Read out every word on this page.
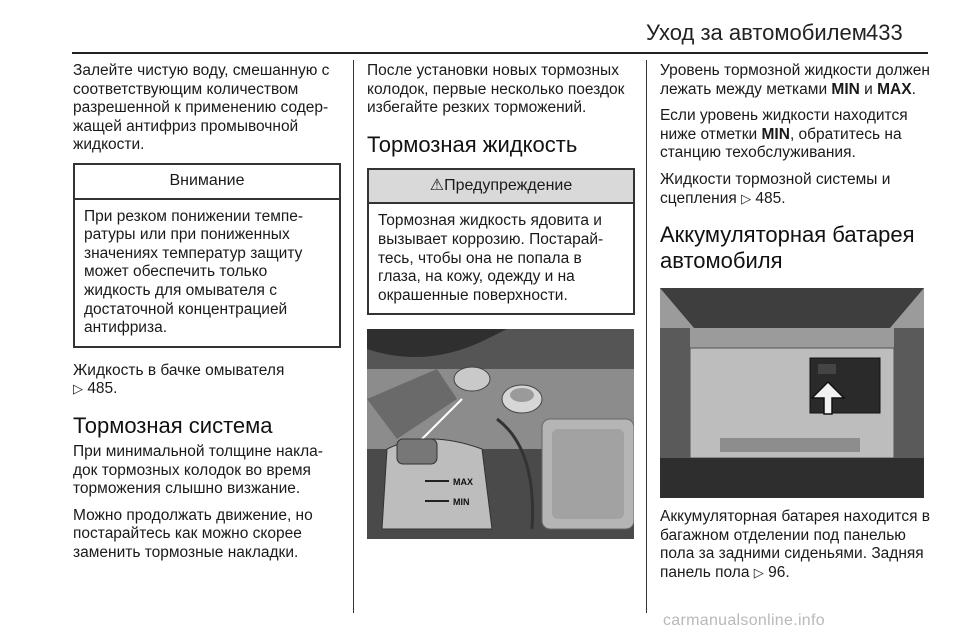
Уход за автомобилем 433

Залейте чистую воду, смешанную с соответствующим количеством разрешенной к применению содержащей антифриз промывочной жидкости.

Внимание
При резком понижении температуры или при пониженных значениях температур защиту может обеспечить только жидкость для омывателя с достаточной концентрацией антифриза.

Жидкость в бачке омывателя
▷ 485.

Тормозная система

При минимальной толщине накладок тормозных колодок во время торможения слышно визжание.

Можно продолжать движение, но постарайтесь как можно скорее заменить тормозные накладки.

После установки новых тормозных колодок, первые несколько поездок избегайте резких торможений.

Тормозная жидкость
⚠Предупреждение
Тормозная жидкость ядовита и вызывает коррозию. Постарайтесь, чтобы она не попала в глаза, на кожу, одежду и на окрашенные поверхности.
MAX
MIN

Уровень тормозной жидкости должен лежать между метками MIN и MAX.

Если уровень жидкости находится ниже отметки MIN, обратитесь на станцию техобслуживания.

Жидкости тормозной системы и сцепления ▷ 485.

Аккумуляторная батарея автомобиля

Аккумуляторная батарея находится в багажном отделении под панелью пола за задними сиденьями. Задняя панель пола ▷ 96.

carmanualsonline.info
